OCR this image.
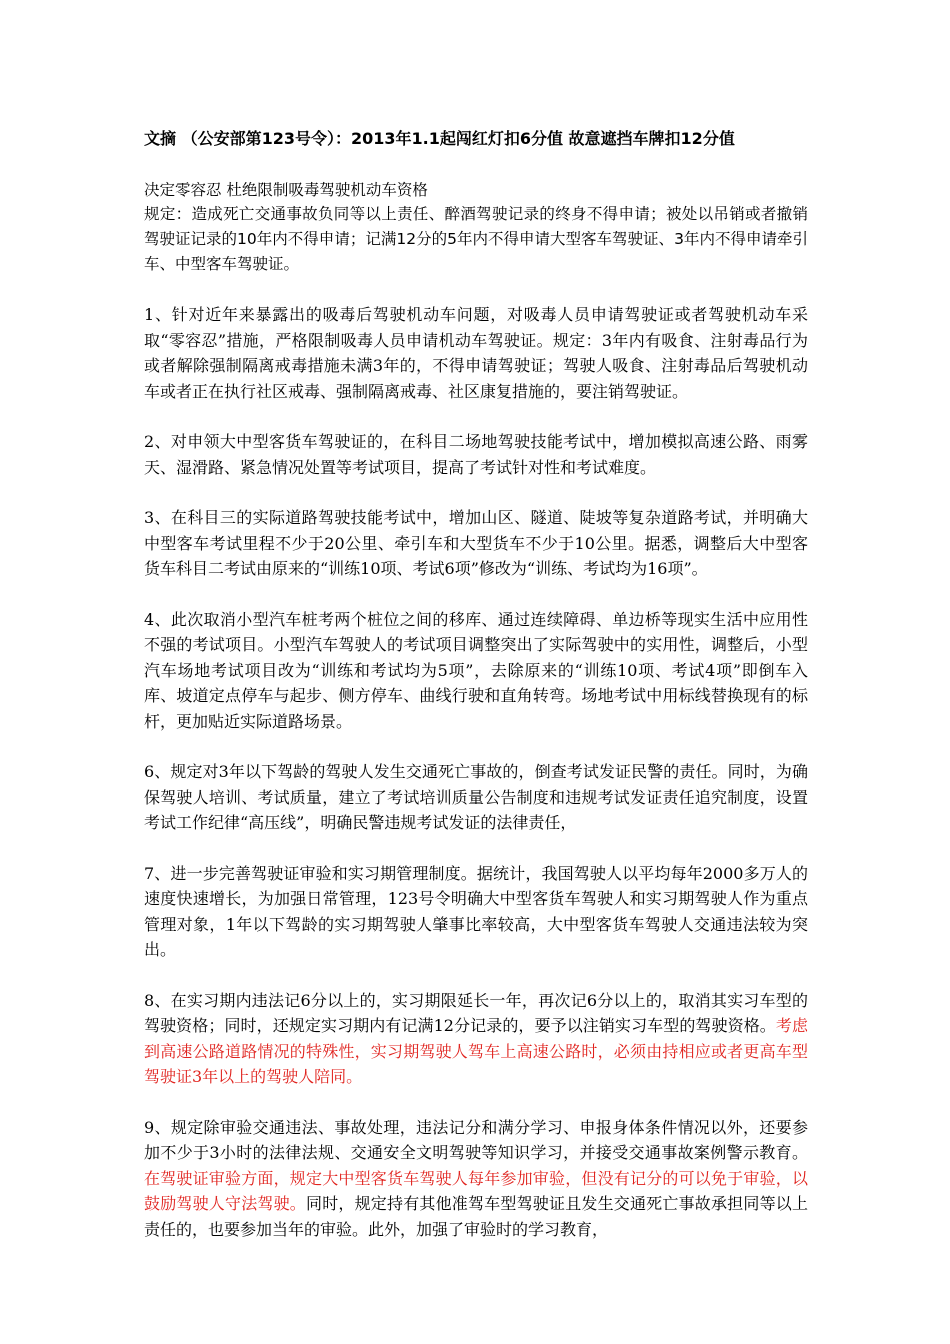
文摘 （公安部第123号令）：2013年1.1起闯红灯扣6分值 故意遮挡车牌扣12分值

决定零容忍 杜绝限制吸毒驾驶机动车资格

规定：造成死亡交通事故负同等以上责任、醉酒驾驶记录的终身不得申请；被处以吊销或者撤销驾驶证记录的10年内不得申请；记满12分的5年内不得申请大型客车驾驶证、3年内不得申请牵引车、中型客车驾驶证。

1、针对近年来暴露出的吸毒后驾驶机动车问题，对吸毒人员申请驾驶证或者驾驶机动车采取“零容忍”措施，严格限制吸毒人员申请机动车驾驶证。规定：3年内有吸食、注射毒品行为或者解除强制隔离戒毒措施未满3年的，不得申请驾驶证；驾驶人吸食、注射毒品后驾驶机动车或者正在执行社区戒毒、强制隔离戒毒、社区康复措施的，要注销驾驶证。

2、对申领大中型客货车驾驶证的，在科目二场地驾驶技能考试中，增加模拟高速公路、雨雾天、湿滑路、紧急情况处置等考试项目，提高了考试针对性和考试难度。

3、在科目三的实际道路驾驶技能考试中，增加山区、隧道、陡坡等复杂道路考试，并明确大中型客车考试里程不少于20公里、牵引车和大型货车不少于10公里。据悉，调整后大中型客货车科目二考试由原来的“训练10项、考试6项”修改为“训练、考试均为16项”。

4、此次取消小型汽车桩考两个桩位之间的移库、通过连续障碍、单边桥等现实生活中应用性不强的考试项目。小型汽车驾驶人的考试项目调整突出了实际驾驶中的实用性，调整后，小型汽车场地考试项目改为“训练和考试均为5项”，去除原来的“训练10项、考试4项”即倒车入库、坡道定点停车与起步、侧方停车、曲线行驶和直角转弯。场地考试中用标线替换现有的标杆，更加贴近实际道路场景。

6、规定对3年以下驾龄的驾驶人发生交通死亡事故的，倒查考试发证民警的责任。同时，为确保驾驶人培训、考试质量，建立了考试培训质量公告制度和违规考试发证责任追究制度，设置考试工作纪律“高压线”，明确民警违规考试发证的法律责任，

7、进一步完善驾驶证审验和实习期管理制度。据统计，我国驾驶人以平均每年2000多万人的速度快速增长，为加强日常管理，123号令明确大中型客货车驾驶人和实习期驾驶人作为重点管理对象，1年以下驾龄的实习期驾驶人肇事比率较高，大中型客货车驾驶人交通违法较为突出。

8、在实习期内违法记6分以上的，实习期限延长一年，再次记6分以上的，取消其实习车型的驾驶资格；同时，还规定实习期内有记满12分记录的，要予以注销实习车型的驾驶资格。考虑到高速公路道路情况的特殊性，实习期驾驶人驾车上高速公路时，必须由持相应或者更高车型驾驶证3年以上的驾驶人陪同。

9、规定除审验交通违法、事故处理，违法记分和满分学习、申报身体条件情况以外，还要参加不少于3小时的法律法规、交通安全文明驾驶等知识学习，并接受交通事故案例警示教育。在驾驶证审验方面，规定大中型客货车驾驶人每年参加审验，但没有记分的可以免于审验，以鼓励驾驶人守法驾驶。同时，规定持有其他准驾车型驾驶证且发生交通死亡事故承担同等以上责任的，也要参加当年的审验。此外，加强了审验时的学习教育，
